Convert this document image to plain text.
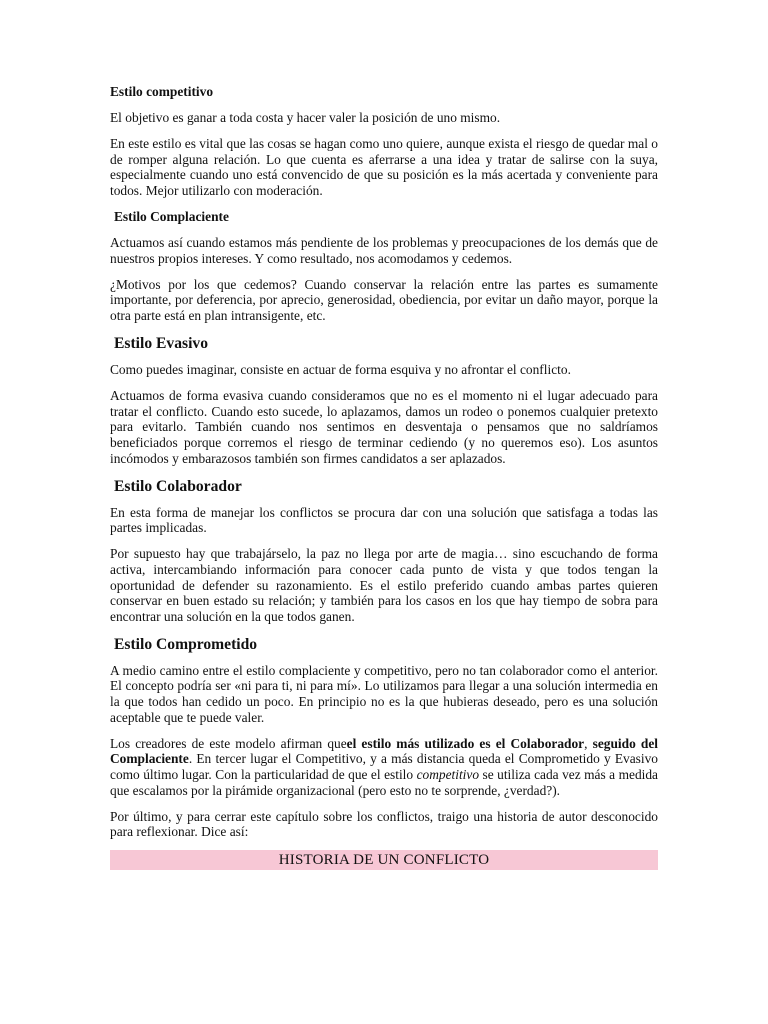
Estilo competitivo

El objetivo es ganar a toda costa y hacer valer la posición de uno mismo.

En este estilo es vital que las cosas se hagan como uno quiere, aunque exista el riesgo de quedar mal o de romper alguna relación. Lo que cuenta es aferrarse a una idea y tratar de salirse con la suya, especialmente cuando uno está convencido de que su posición es la más acertada y conveniente para todos. Mejor utilizarlo con moderación.

Estilo Complaciente

Actuamos así cuando estamos más pendiente de los problemas y preocupaciones de los demás que de nuestros propios intereses. Y como resultado, nos acomodamos y cedemos.

¿Motivos por los que cedemos? Cuando conservar la relación entre las partes es sumamente importante, por deferencia, por aprecio, generosidad, obediencia, por evitar un daño mayor, porque la otra parte está en plan intransigente, etc.

Estilo Evasivo

Como puedes imaginar, consiste en actuar de forma esquiva y no afrontar el conflicto.

Actuamos de forma evasiva cuando consideramos que no es el momento ni el lugar adecuado para tratar el conflicto. Cuando esto sucede, lo aplazamos, damos un rodeo o ponemos cualquier pretexto para evitarlo. También cuando nos sentimos en desventaja o pensamos que no saldríamos beneficiados porque corremos el riesgo de terminar cediendo (y no queremos eso). Los asuntos incómodos y embarazosos también son firmes candidatos a ser aplazados.

Estilo Colaborador

En esta forma de manejar los conflictos se procura dar con una solución que satisfaga a todas las partes implicadas.

Por supuesto hay que trabajárselo, la paz no llega por arte de magia… sino escuchando de forma activa, intercambiando información para conocer cada punto de vista y que todos tengan la oportunidad de defender su razonamiento. Es el estilo preferido cuando ambas partes quieren conservar en buen estado su relación; y también para los casos en los que hay tiempo de sobra para encontrar una solución en la que todos ganen.

Estilo Comprometido

A medio camino entre el estilo complaciente y competitivo, pero no tan colaborador como el anterior. El concepto podría ser «ni para ti, ni para mí». Lo utilizamos para llegar a una solución intermedia en la que todos han cedido un poco. En principio no es la que hubieras deseado, pero es una solución aceptable que te puede valer.

Los creadores de este modelo afirman queel estilo más utilizado es el Colaborador, seguido del Complaciente. En tercer lugar el Competitivo, y a más distancia queda el Comprometido y Evasivo como último lugar. Con la particularidad de que el estilo competitivo se utiliza cada vez más a medida que escalamos por la pirámide organizacional (pero esto no te sorprende, ¿verdad?).

Por último, y para cerrar este capítulo sobre los conflictos, traigo una historia de autor desconocido para reflexionar. Dice así:

HISTORIA DE UN CONFLICTO
